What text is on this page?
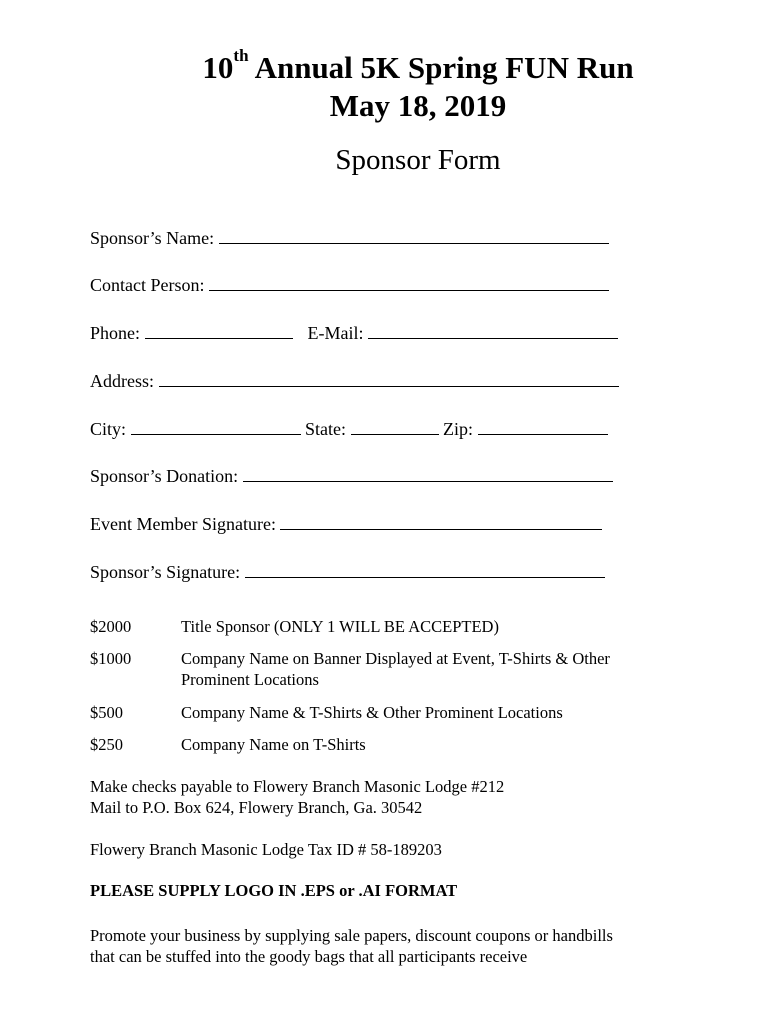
10th Annual 5K Spring FUN Run
May 18, 2019
Sponsor Form
Sponsor’s Name:
Contact Person:
Phone:	E-Mail:
Address:
City:	State:	Zip:
Sponsor’s Donation:
Event Member Signature:
Sponsor’s Signature:
$2000	Title Sponsor (ONLY 1 WILL BE ACCEPTED)
$1000	Company Name on Banner Displayed at Event, T-Shirts & Other Prominent Locations
$500	Company Name & T-Shirts & Other Prominent Locations
$250	Company Name on T-Shirts
Make checks payable to Flowery Branch Masonic Lodge #212
Mail to P.O. Box 624, Flowery Branch, Ga. 30542
Flowery Branch Masonic Lodge Tax ID # 58-189203
PLEASE SUPPLY LOGO IN .EPS or .AI FORMAT
Promote your business by supplying sale papers, discount coupons or handbills
that can be stuffed into the goody bags that all participants receive
